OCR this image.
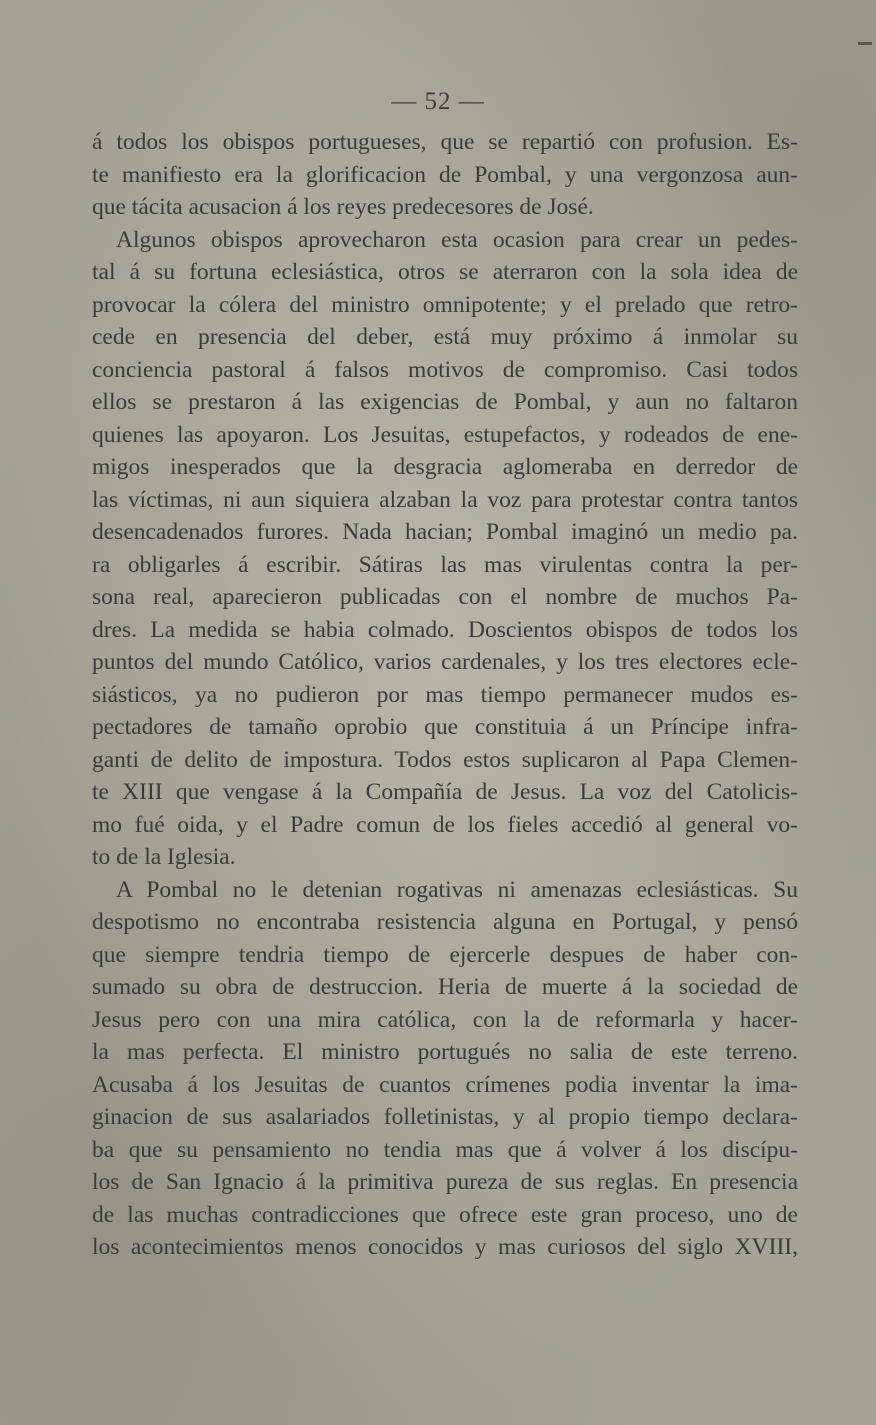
— 52 —
á todos los obispos portugueses, que se repartió con profusion. Es-
te manifiesto era la glorificacion de Pombal, y una vergonzosa aun-
que tácita acusacion á los reyes predecesores de José.
Algunos obispos aprovecharon esta ocasion para crear un pedes-
tal á su fortuna eclesiástica, otros se aterraron con la sola idea de
provocar la cólera del ministro omnipotente; y el prelado que retro-
cede en presencia del deber, está muy próximo á inmolar su
conciencia pastoral á falsos motivos de compromiso. Casi todos
ellos se prestaron á las exigencias de Pombal, y aun no faltaron
quienes las apoyaron. Los Jesuitas, estupefactos, y rodeados de ene-
migos inesperados que la desgracia aglomeraba en derredor de
las víctimas, ni aun siquiera alzaban la voz para protestar contra tantos
desencadenados furores. Nada hacian; Pombal imaginó un medio pa.
ra obligarles á escribir. Sátiras las mas virulentas contra la per-
sona real, aparecieron publicadas con el nombre de muchos Pa-
dres. La medida se habia colmado. Doscientos obispos de todos los
puntos del mundo Católico, varios cardenales, y los tres electores ecle-
siásticos, ya no pudieron por mas tiempo permanecer mudos es-
pectadores de tamaño oprobio que constituia á un Príncipe infra-
ganti de delito de impostura. Todos estos suplicaron al Papa Clemen-
te XIII que vengase á la Compañía de Jesus. La voz del Catolicis-
mo fué oida, y el Padre comun de los fieles accedió al general vo-
to de la Iglesia.
A Pombal no le detenian rogativas ni amenazas eclesiásticas. Su
despotismo no encontraba resistencia alguna en Portugal, y pensó
que siempre tendria tiempo de ejercerle despues de haber con-
sumado su obra de destruccion. Heria de muerte á la sociedad de
Jesus pero con una mira católica, con la de reformarla y hacer-
la mas perfecta. El ministro portugués no salia de este terreno.
Acusaba á los Jesuitas de cuantos crímenes podia inventar la ima-
ginacion de sus asalariados folletinistas, y al propio tiempo declara-
ba que su pensamiento no tendia mas que á volver á los discípu-
los de San Ignacio á la primitiva pureza de sus reglas. En presencia
de las muchas contradicciones que ofrece este gran proceso, uno de
los acontecimientos menos conocidos y mas curiosos del siglo XVIII,
